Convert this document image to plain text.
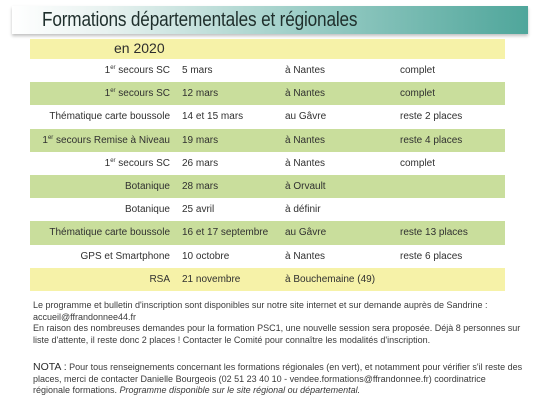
Formations départementales et régionales
en 2020
1er secours SC 5 mars	à Nantes	complet
1er secours SC 12 mars	à Nantes	complet
Thématique carte boussole 14 et 15 mars	au Gâvre	reste 2 places
1er secours Remise à Niveau 19 mars	à Nantes	reste 4 places
1er secours SC 26 mars	à Nantes	complet
Botanique 28 mars	à Orvault
Botanique 25 avril	à définir
Thématique carte boussole 16 et 17 septembre au Gâvre	reste 13 places
GPS et Smartphone 10 octobre	à Nantes	reste 6 places
RSA 21 novembre	à Bouchemaine (49)
Le programme et bulletin d'inscription sont disponibles sur notre site internet et sur demande auprès de Sandrine : accueil@ffrandonnee44.fr
En raison des nombreuses demandes pour la formation PSC1, une nouvelle session sera proposée. Déjà 8 personnes sur liste d'attente, il reste donc 2 places ! Contacter le Comité pour connaître les modalités d'inscription.
NOTA : Pour tous renseignements concernant les formations régionales (en vert), et notamment pour vérifier s'il reste des places, merci de contacter Danielle Bourgeois (02 51 23 40 10 - vendee.formations@ffrandonnee.fr) coordinatrice régionale formations. Programme disponible sur le site régional ou départemental.
